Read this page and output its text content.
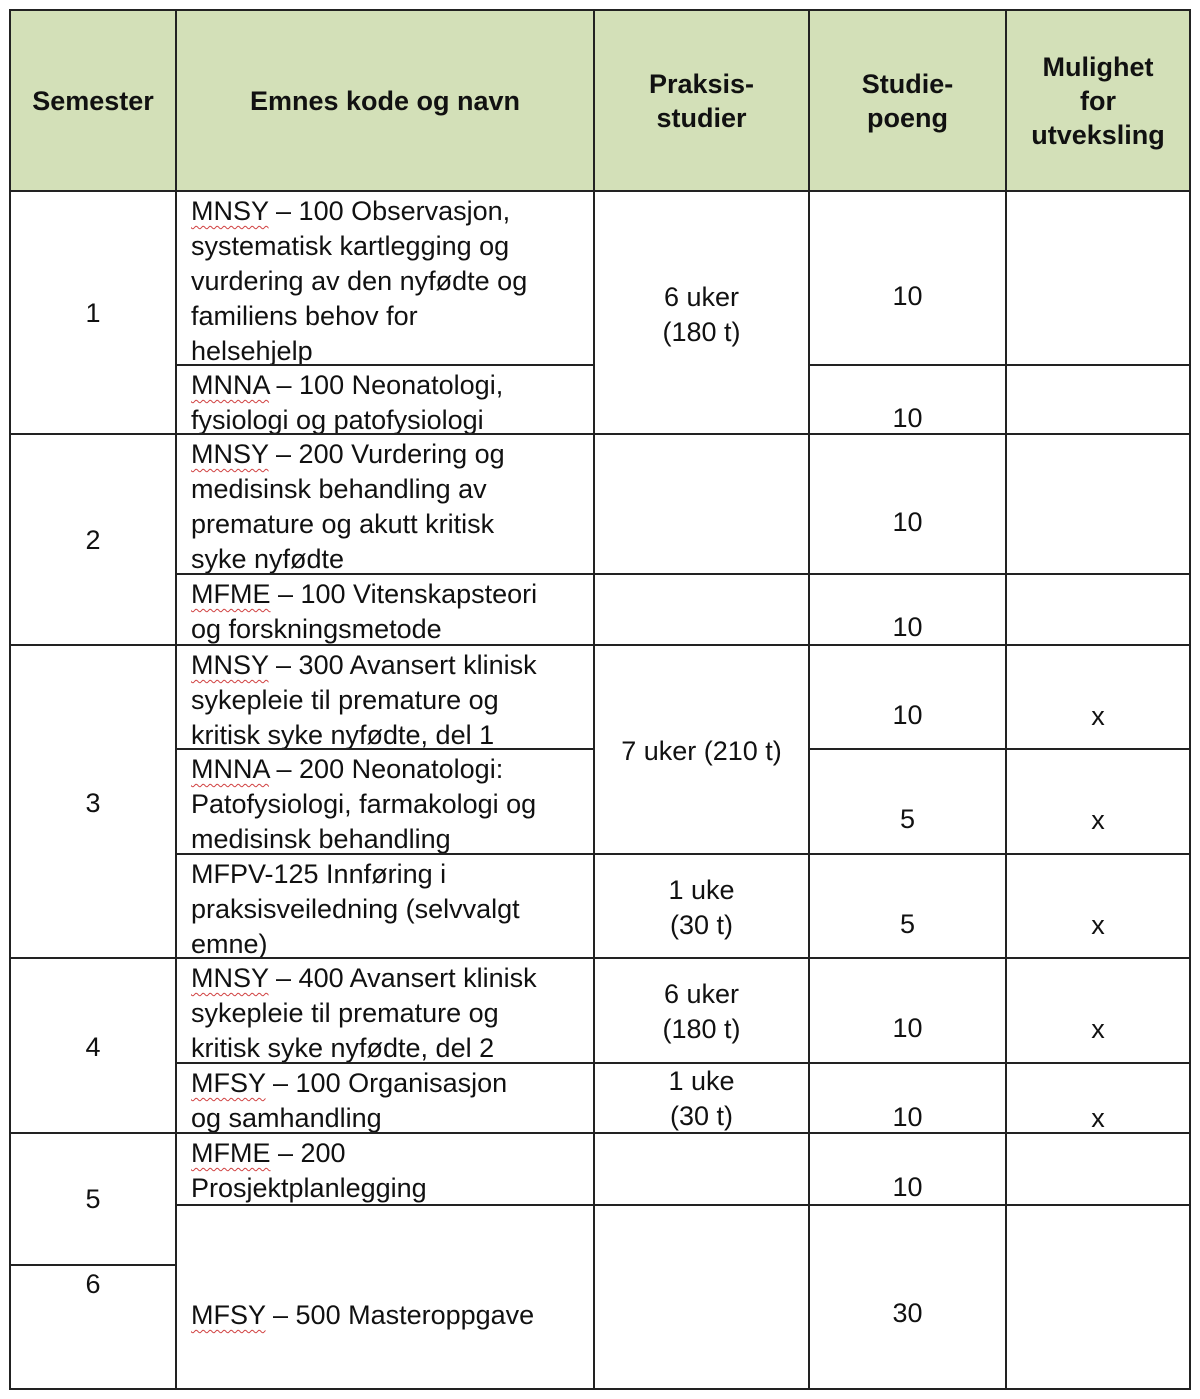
Semester	Emnes kode og navn
Praksis-
studier
Studie-
poeng
Mulighet
for
utveksling
1
2
3
4
5
6
MNSY – 100 Observasjon,
systematisk kartlegging og
vurdering av den nyfødte og
familiens behov for
helsehjelp
MNNA – 100 Neonatologi,
fysiologi og patofysiologi
MNSY – 200 Vurdering og
medisinsk behandling av
premature og akutt kritisk
syke nyfødte
MFME – 100 Vitenskapsteori
og forskningsmetode
MNSY – 300 Avansert klinisk
sykepleie til premature og
kritisk syke nyfødte, del 1
MNNA – 200 Neonatologi:
Patofysiologi, farmakologi og
medisinsk behandling
MFPV-125 Innføring i
praksisveiledning (selvvalgt
emne)
MNSY – 400 Avansert klinisk
sykepleie til premature og
kritisk syke nyfødte, del 2
MFSY – 100 Organisasjon
og samhandling
MFME – 200
Prosjektplanlegging
MFSY – 500 Masteroppgave
6 uker
(180 t)
7 uker (210 t)
1 uke
(30 t)
6 uker
(180 t)
1 uke
(30 t)
10
10
10
10
10
5
5
10
10
10
30
x
x
x
x
x
